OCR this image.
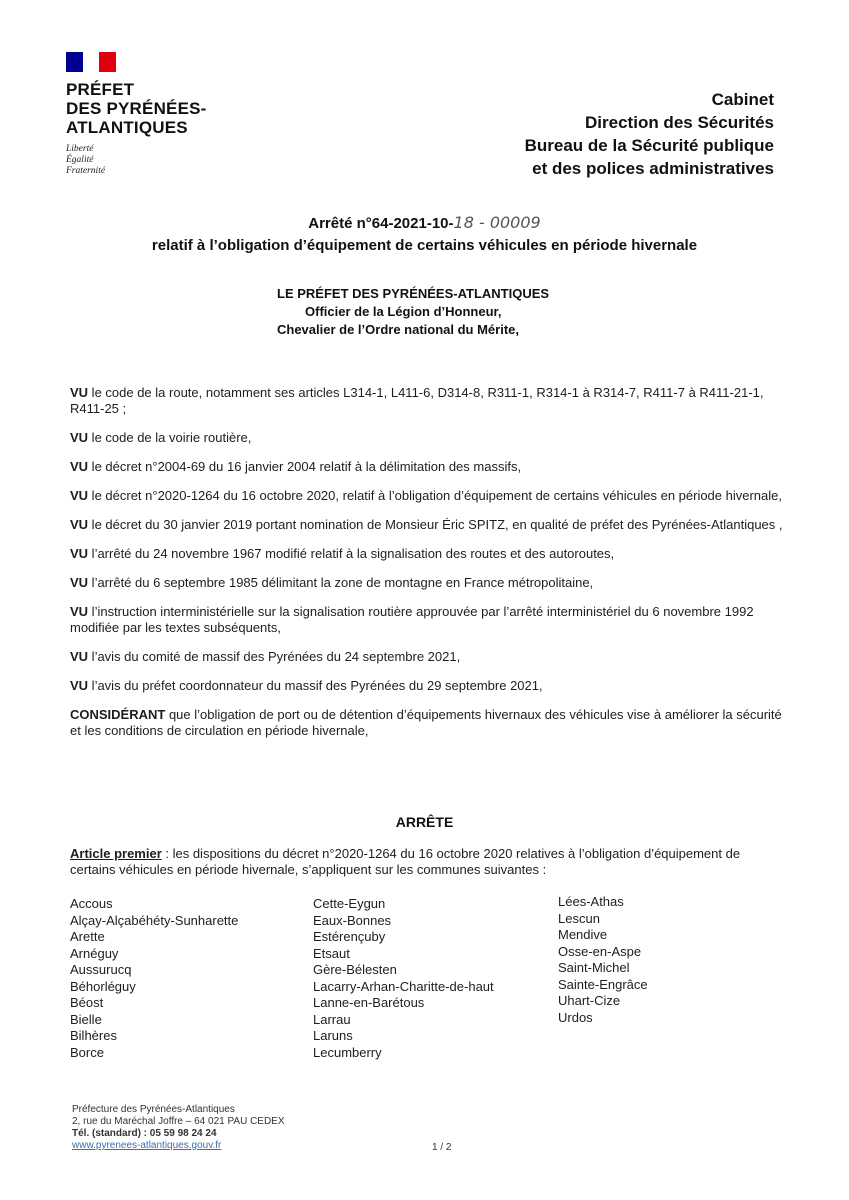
PRÉFET
DES PYRÉNÉES-
ATLANTIQUES
Liberté
Égalité
Fraternité
Cabinet
Direction des Sécurités
Bureau de la Sécurité publique
et des polices administratives
Arrêté n°64-2021-10-18 - 00009
relatif à l’obligation d’équipement de certains véhicules en période hivernale
LE PRÉFET DES PYRÉNÉES-ATLANTIQUES
Officier de la Légion d’Honneur,
Chevalier de l’Ordre national du Mérite,
VU le code de la route, notamment ses articles L314-1, L411-6, D314-8, R311-1, R314-1 à R314-7, R411-7 à R411-21-1, R411-25 ;
VU le code de la voirie routière,
VU le décret n°2004-69 du 16 janvier 2004 relatif à la délimitation des massifs,
VU le décret n°2020-1264 du 16 octobre 2020, relatif à l’obligation d’équipement de certains véhicules en période hivernale,
VU le décret du 30 janvier 2019 portant nomination de Monsieur Éric SPITZ, en qualité de préfet des Pyrénées-Atlantiques ,
VU l’arrêté du 24 novembre 1967 modifié relatif à la signalisation des routes et des autoroutes,
VU l’arrêté du 6 septembre 1985 délimitant la zone de montagne en France métropolitaine,
VU l’instruction interministérielle sur la signalisation routière approuvée par l’arrêté interministériel du 6 novembre 1992 modifiée par les textes subséquents,
VU l’avis du comité de massif des Pyrénées du 24 septembre 2021,
VU l’avis du préfet coordonnateur du massif des Pyrénées du 29 septembre 2021,
CONSIDÉRANT que l’obligation de port ou de détention d’équipements hivernaux des véhicules vise à améliorer la sécurité et les conditions de circulation en période hivernale,
ARRÊTE
Article premier : les dispositions du décret n°2020-1264 du 16 octobre 2020 relatives à l’obligation d’équipement de certains véhicules en période hivernale, s’appliquent sur les communes suivantes :
Accous
Alçay-Alçabéhéty-Sunharette
Arette
Arnéguy
Aussurucq
Béhorléguy
Béost
Bielle
Bilhères
Borce
Cette-Eygun
Eaux-Bonnes
Estérençuby
Etsaut
Gère-Bélesten
Lacarry-Arhan-Charitte-de-haut
Lanne-en-Barétous
Larrau
Laruns
Lecumberry
Lées-Athas
Lescun
Mendive
Osse-en-Aspe
Saint-Michel
Sainte-Engrâce
Uhart-Cize
Urdos
Préfecture des Pyrénées-Atlantiques
2, rue du Maréchal Joffre – 64 021 PAU CEDEX
Tél. (standard) : 05 59 98 24 24
www.pyrenees-atlantiques.gouv.fr	1 / 2
